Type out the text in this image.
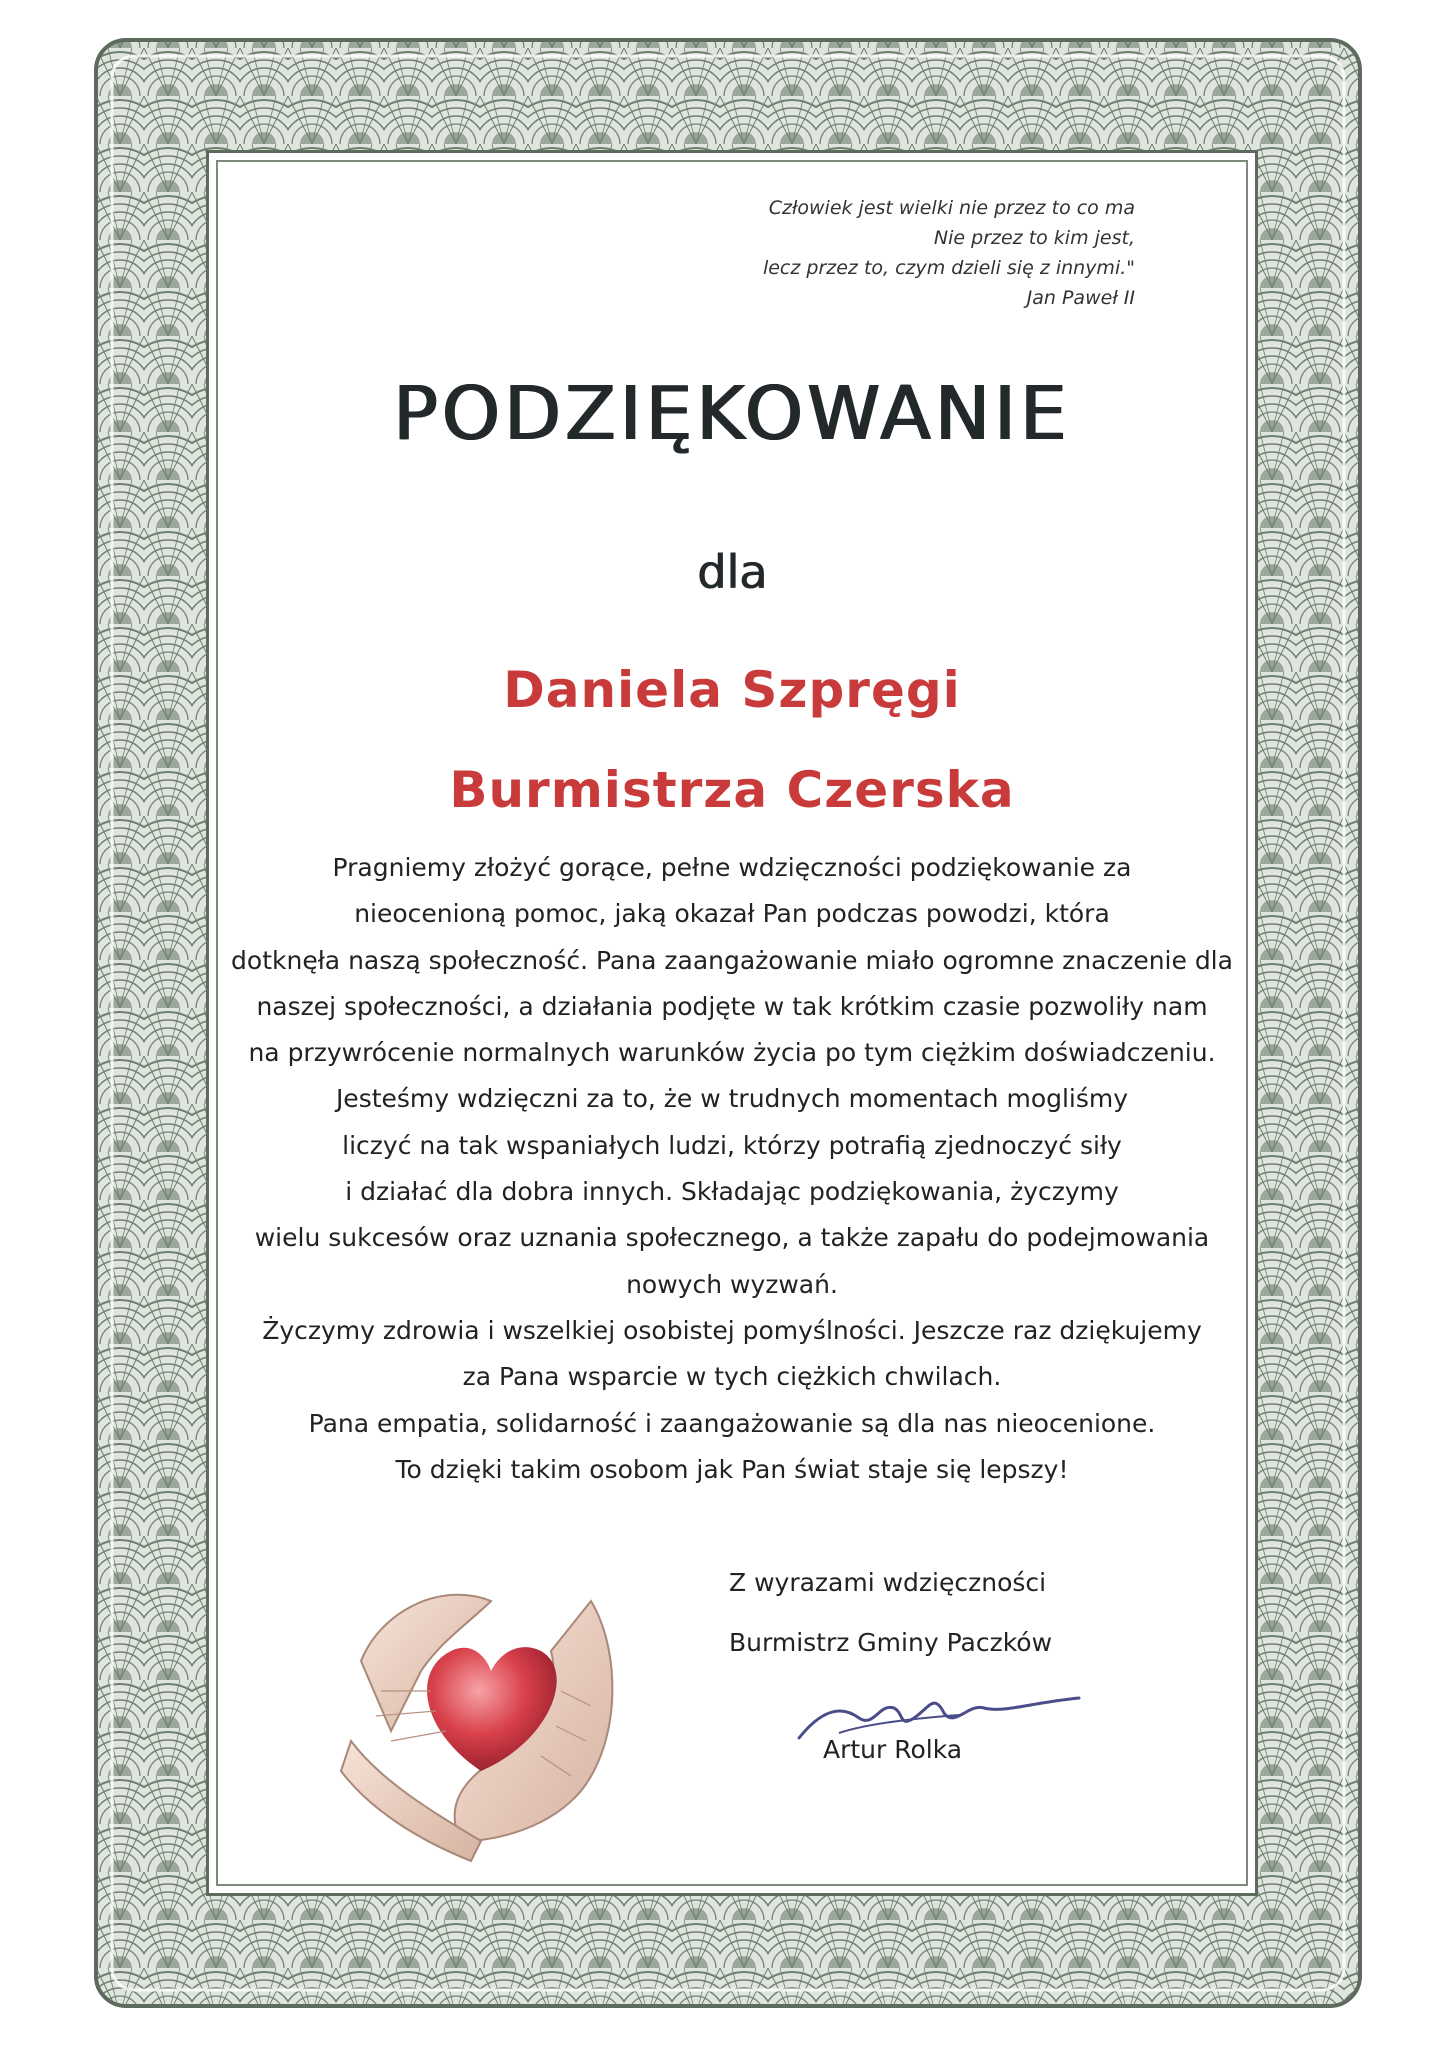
Człowiek jest wielki nie przez to co ma
Nie przez to kim jest,
lecz przez to, czym dzieli się z innymi."
Jan Paweł II
PODZIĘKOWANIE
dla
Daniela Szpręgi
Burmistrza Czerska
Pragniemy złożyć gorące, pełne wdzięczności podziękowanie za
nieocenioną pomoc, jaką okazał Pan podczas powodzi, która
dotknęła naszą społeczność. Pana zaangażowanie miało ogromne znaczenie dla
naszej społeczności, a działania podjęte w tak krótkim czasie pozwoliły nam
na przywrócenie normalnych warunków życia po tym ciężkim doświadczeniu.
Jesteśmy wdzięczni za to, że w trudnych momentach mogliśmy
liczyć na tak wspaniałych ludzi, którzy potrafią zjednoczyć siły
i działać dla dobra innych. Składając podziękowania, życzymy
wielu sukcesów oraz uznania społecznego, a także zapału do podejmowania
nowych wyzwań.
Życzymy zdrowia i wszelkiej osobistej pomyślności. Jeszcze raz dziękujemy
za Pana wsparcie w tych ciężkich chwilach.
Pana empatia, solidarność i zaangażowanie są dla nas nieocenione.
To dzięki takim osobom jak Pan świat staje się lepszy!
Z wyrazami wdzięczności
Burmistrz Gminy Paczków
Artur Rolka
